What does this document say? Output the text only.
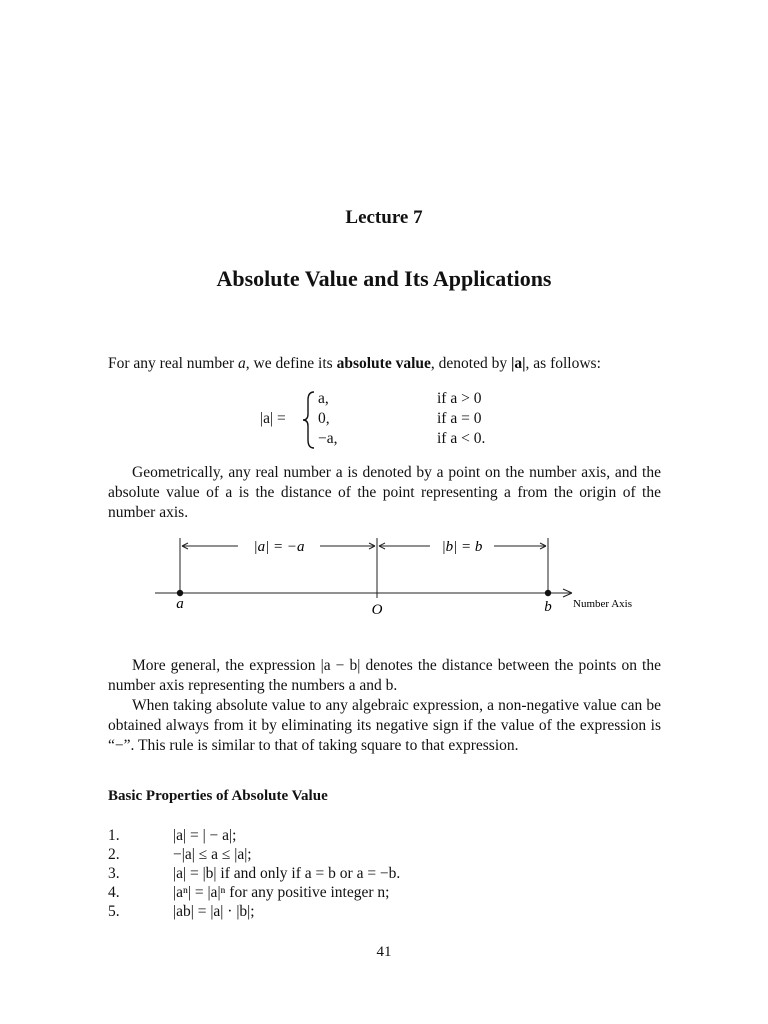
Lecture 7
Absolute Value and Its Applications
For any real number a, we define its absolute value, denoted by |a|, as follows:
|a| =
a,	if a > 0
0,	if a = 0
−a,	if a < 0.
Geometrically, any real number a is denoted by a point on the number axis, and the absolute value of a is the distance of the point representing a from the origin of the number axis.
|a| = −a	|b| = b
a	O	b Number Axis

More general, the expression |a − b| denotes the distance between the points on the number axis representing the numbers a and b.

When taking absolute value to any algebraic expression, a non-negative value can be obtained always from it by eliminating its negative sign if the value of the expression is “−”. This rule is similar to that of taking square to that expression.

Basic Properties of Absolute Value
1.	|a| = | − a|;
2.	−|a| ≤ a ≤ |a|;
3.	|a| = |b| if and only if a = b or a = −b.
4.	|aⁿ| = |a|ⁿ for any positive integer n;
5.	|ab| = |a| · |b|;
41
